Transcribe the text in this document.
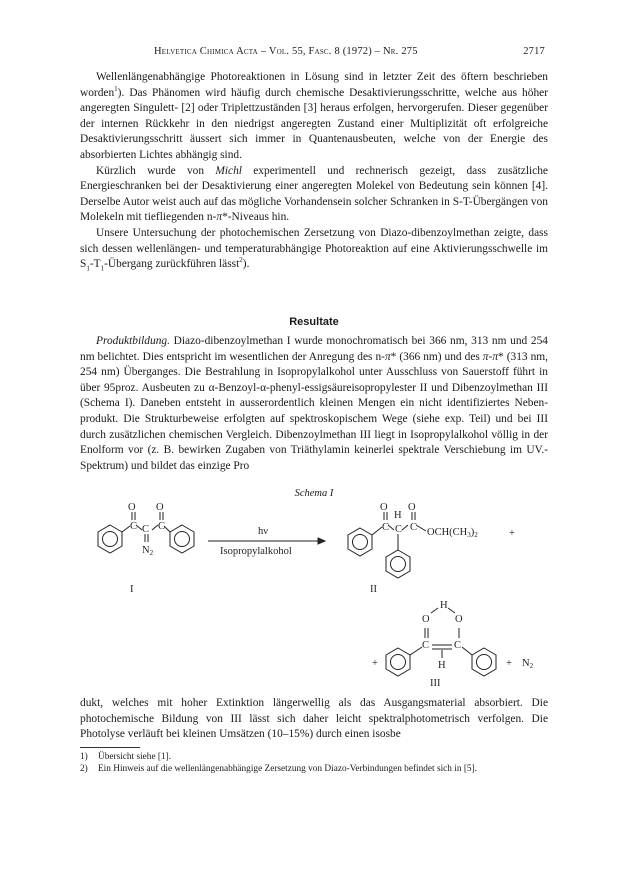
Helvetica Chimica Acta – Vol. 55, Fasc. 8 (1972) – Nr. 275	2717

Wellenlängenabhängige Photoreaktionen in Lösung sind in letzter Zeit des öftern beschrieben worden$^1$). Das Phänomen wird häufig durch chemische Desaktivierungsschritte, welche aus höher angeregten Singulett- [2] oder Triplettzuständen [3] heraus erfolgen, hervorgerufen. Dieser gegenüber der internen Rückkehr in den niedrigst angeregten Zustand einer Multiplizität oft erfolgreiche Desaktivierungsschritt äussert sich immer in Quantenausbeuten, welche von der Energie des absorbierten Lichtes abhängig sind.

Kürzlich wurde von Michl experimentell und rechnerisch gezeigt, dass zusätzliche Energieschranken bei der Desaktivierung einer angeregten Molekel von Bedeutung sein können [4]. Derselbe Autor weist auch auf das mögliche Vorhandensein solcher Schranken in S-T-Übergängen von Molekeln mit tiefliegenden n-π*-Niveaus hin.

Unsere Untersuchung der photochemischen Zersetzung von Diazo-dibenzoylmethan zeigte, dass sich dessen wellenlängen- und temperaturabhängige Photoreaktion auf eine Aktivierungsschwelle im $S_1-T_1$-Übergang zurückführen lässt$^2$).

Resultate

Produktbildung. Diazo-dibenzoylmethan I wurde monochromatisch bei 366 nm, 313 nm und 254 nm belichtet. Dies entspricht im wesentlichen der Anregung des n-π* (366 nm) und des π-π* (313 nm, 254 nm) Überganges. Die Bestrahlung in Isopropylalkohol unter Ausschluss von Sauerstoff führt in über 95proz. Ausbeuten zu α-Benzoyl-α-phenyl-essigsäureisopropylester II und Dibenzoylmethan III (Schema I). Daneben entsteht in ausserordentlich kleinen Mengen ein nicht identifiziertes Nebenprodukt. Die Strukturbeweise erfolgten auf spektroskopischem Wege (siehe exp. Teil) und bei III durch zusätzlichen chemischen Vergleich. Dibenzoylmethan III liegt in Isopropylalkohol völlig in der Enolform vor (z. B. bewirken Zugaben von Triäthylamin keinerlei spektrale Verschiebung im UV.-Spektrum) und bildet das einzige Pro

Schema I
O O
C C
C
N2
hν
Isopropylalkohol
O O
H
C C C OCH(CH3)2	+
H
O O
C C
H
+	+ N2
I	II
III

dukt, welches mit hoher Extinktion längerwellig als das Ausgangsmaterial absorbiert. Die photochemische Bildung von III lässt sich daher leicht spektralphotometrisch verfolgen. Die Photolyse verläuft bei kleinen Umsätzen (10–15%) durch einen isosbe

1) Übersicht siehe [1].
2) Ein Hinweis auf die wellenlängenabhängige Zersetzung von Diazo-Verbindungen befindet sich in [5].
